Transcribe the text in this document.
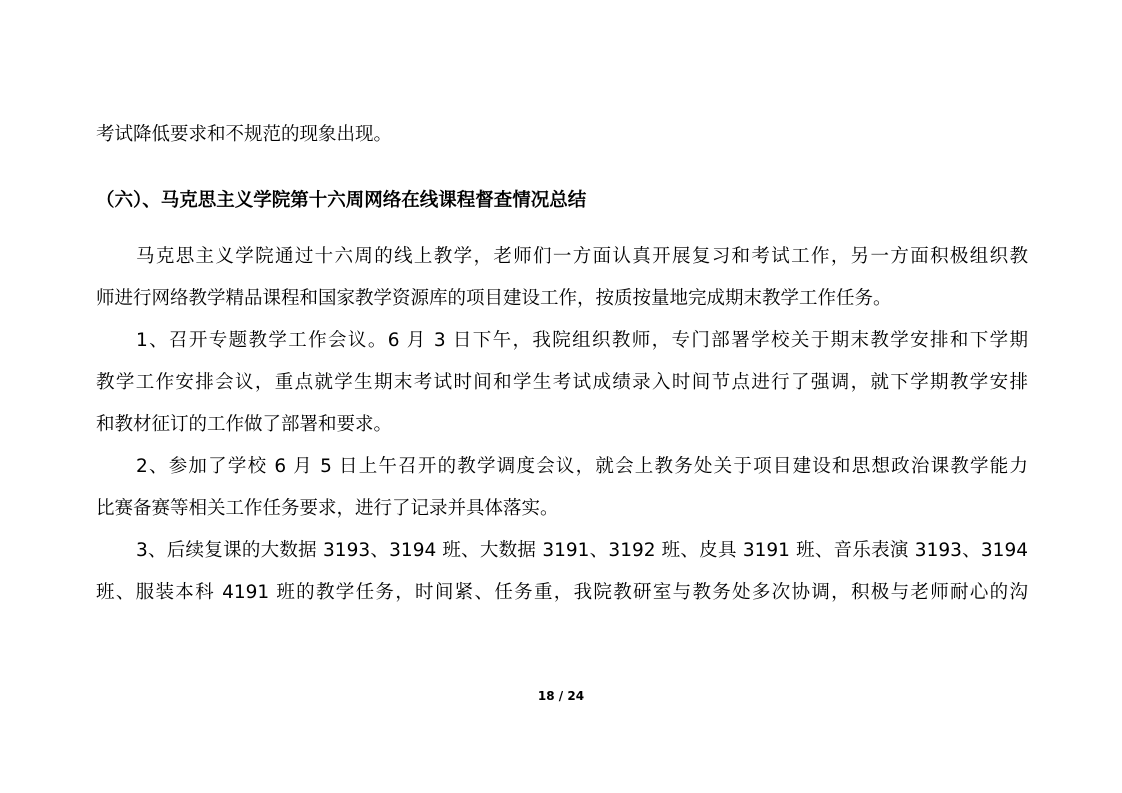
考试降低要求和不规范的现象出现。
（六）、马克思主义学院第十六周网络在线课程督查情况总结
马克思主义学院通过十六周的线上教学，老师们一方面认真开展复习和考试工作，另一方面积极组织教
师进行网络教学精品课程和国家教学资源库的项目建设工作，按质按量地完成期末教学工作任务。
1、召开专题教学工作会议。6 月 3 日下午，我院组织教师，专门部署学校关于期末教学安排和下学期
教学工作安排会议，重点就学生期末考试时间和学生考试成绩录入时间节点进行了强调，就下学期教学安排
和教材征订的工作做了部署和要求。
2、参加了学校 6 月 5 日上午召开的教学调度会议，就会上教务处关于项目建设和思想政治课教学能力
比赛备赛等相关工作任务要求，进行了记录并具体落实。
3、后续复课的大数据 3193、3194 班、大数据 3191、3192 班、皮具 3191 班、音乐表演 3193、3194
班、服装本科 4191 班的教学任务，时间紧、任务重，我院教研室与教务处多次协调，积极与老师耐心的沟
18 / 24
